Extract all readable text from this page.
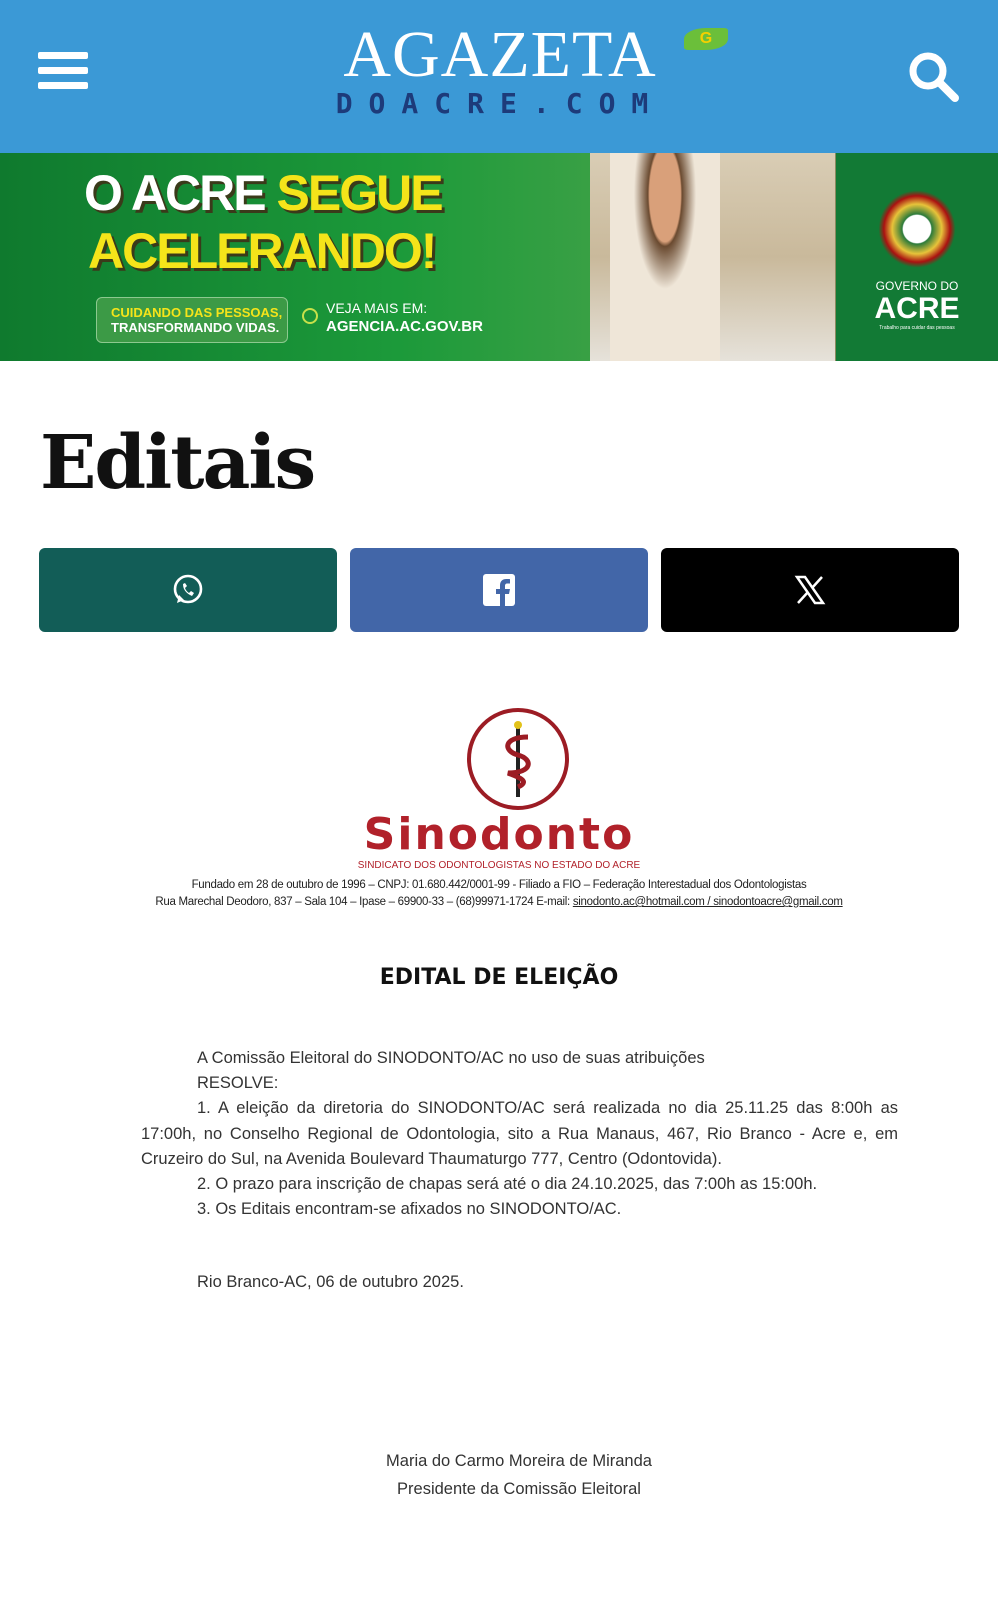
AGAZETA
DOACRE.COM
G
O ACRE SEGUE
ACELERANDO!
CUIDANDO DAS PESSOAS,
TRANSFORMANDO VIDAS.
VEJA MAIS EM:
AGENCIA.AC.GOV.BR
GOVERNO DO
ACRE
Trabalho para cuidar das pessoas
Editais
Sinodonto
SINDICATO DOS ODONTOLOGISTAS NO ESTADO DO ACRE
Fundado em 28 de outubro de 1996 – CNPJ: 01.680.442/0001-99 - Filiado a FIO – Federação Interestadual dos Odontologistas
Rua Marechal Deodoro, 837 – Sala 104 – Ipase – 69900-33 – (68)99971-1724 E-mail: sinodonto.ac@hotmail.com / sinodontoacre@gmail.com
EDITAL DE ELEIÇÃO

A Comissão Eleitoral do SINODONTO/AC no uso de suas atribuições

RESOLVE:

1. A eleição da diretoria do SINODONTO/AC será realizada no dia 25.11.25 das 8:00h as 17:00h, no Conselho Regional de Odontologia, sito a Rua Manaus, 467, Rio Branco - Acre e, em Cruzeiro do Sul, na Avenida Boulevard Thaumaturgo 777, Centro (Odontovida).

2. O prazo para inscrição de chapas será até o dia 24.10.2025, das 7:00h as 15:00h.

3. Os Editais encontram-se afixados no SINODONTO/AC.

Rio Branco-AC, 06 de outubro 2025.

Maria do Carmo Moreira de Miranda
Presidente da Comissão Eleitoral
